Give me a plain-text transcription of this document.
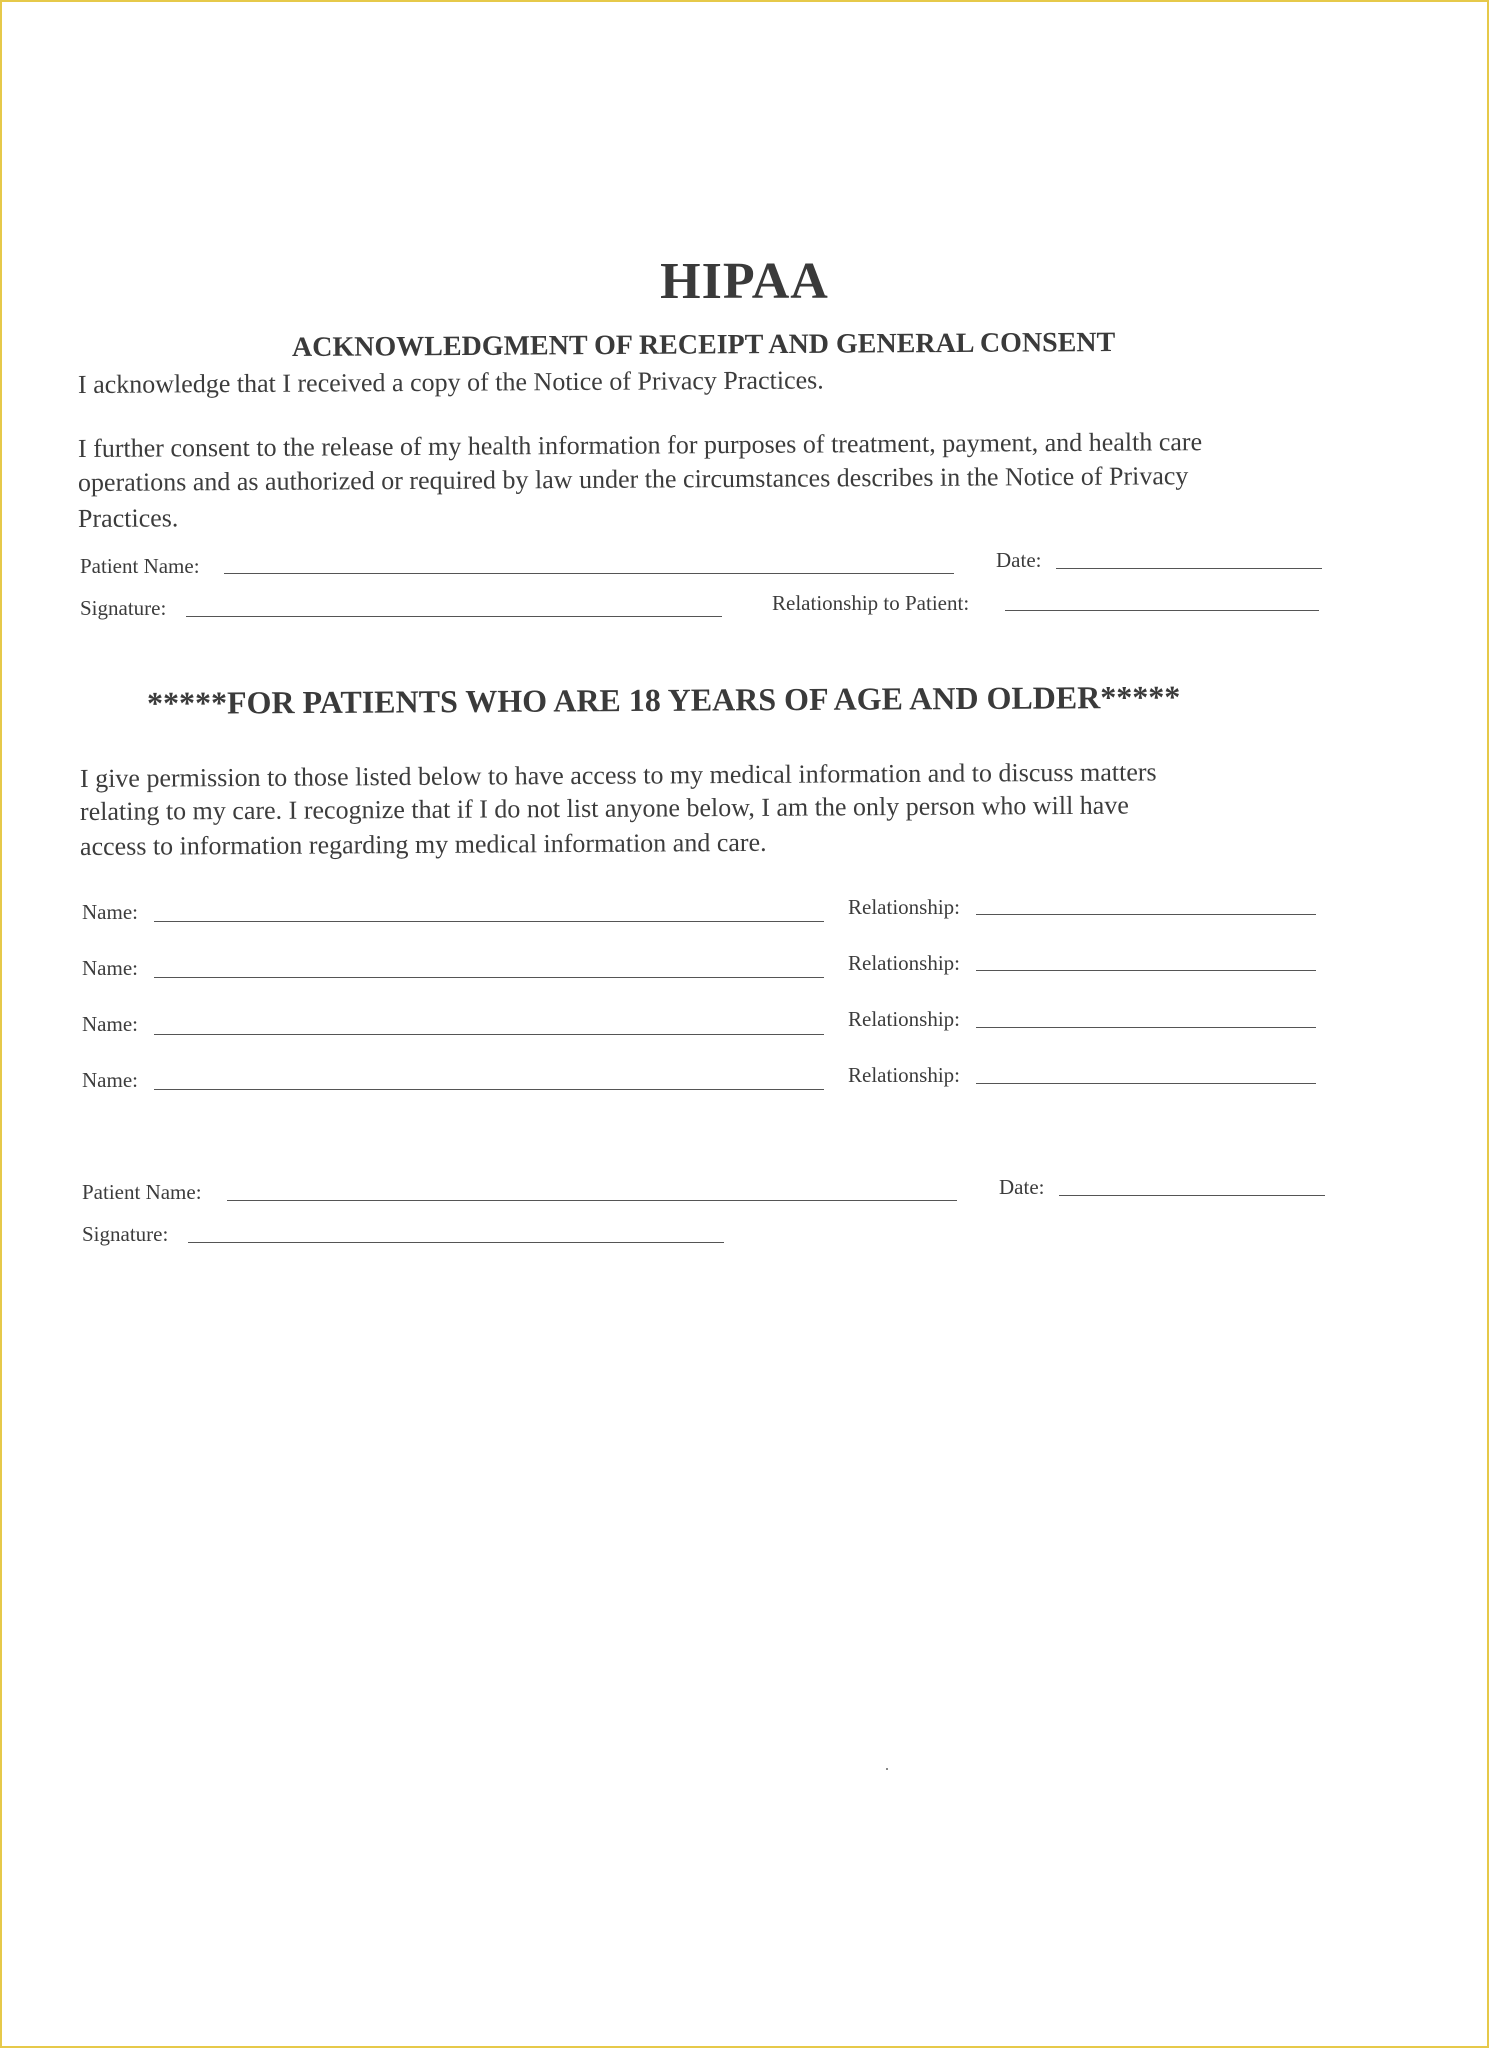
HIPAA
ACKNOWLEDGMENT OF RECEIPT AND GENERAL CONSENT
I acknowledge that I received a copy of the Notice of Privacy Practices.
I further consent to the release of my health information for purposes of treatment, payment, and health care
operations and as authorized or required by law under the circumstances describes in the Notice of Privacy
Practices.
Patient Name:	Date:
Signature:	Relationship to Patient:
*****FOR PATIENTS WHO ARE 18 YEARS OF AGE AND OLDER*****
I give permission to those listed below to have access to my medical information and to discuss matters
relating to my care. I recognize that if I do not list anyone below, I am the only person who will have
access to information regarding my medical information and care.
Name:	Relationship:
Name:	Relationship:
Name:	Relationship:
Name:	Relationship:
Patient Name:	Date:
Signature:
